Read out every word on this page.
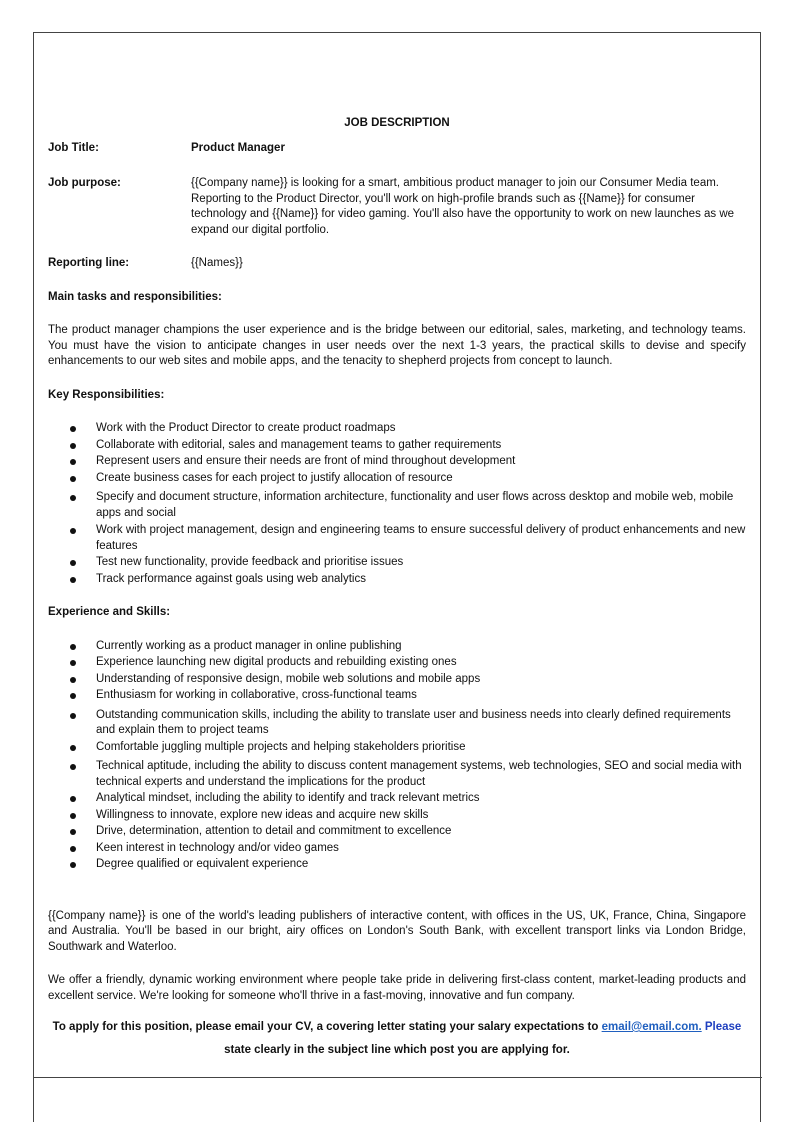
JOB DESCRIPTION
Job Title:	Product Manager
Job purpose:	{{Company name}} is looking for a smart, ambitious product manager to join our Consumer Media team. Reporting to the Product Director, you'll work on high-profile brands such as {{Name}} for consumer technology and {{Name}} for video gaming. You'll also have the opportunity to work on new launches as we expand our digital portfolio.
Reporting line:	{{Names}}
Main tasks and responsibilities:
The product manager champions the user experience and is the bridge between our editorial, sales, marketing, and technology teams. You must have the vision to anticipate changes in user needs over the next 1-3 years, the practical skills to devise and specify enhancements to our web sites and mobile apps, and the tenacity to shepherd projects from concept to launch.
Key Responsibilities:
Work with the Product Director to create product roadmaps
Collaborate with editorial, sales and management teams to gather requirements
Represent users and ensure their needs are front of mind throughout development
Create business cases for each project to justify allocation of resource
Specify and document structure, information architecture, functionality and user flows across desktop and mobile web, mobile apps and social
Work with project management, design and engineering teams to ensure successful delivery of product enhancements and new features
Test new functionality, provide feedback and prioritise issues
Track performance against goals using web analytics
Experience and Skills:
Currently working as a product manager in online publishing
Experience launching new digital products and rebuilding existing ones
Understanding of responsive design, mobile web solutions and mobile apps
Enthusiasm for working in collaborative, cross-functional teams
Outstanding communication skills, including the ability to translate user and business needs into clearly defined requirements and explain them to project teams
Comfortable juggling multiple projects and helping stakeholders prioritise
Technical aptitude, including the ability to discuss content management systems, web technologies, SEO and social media with technical experts and understand the implications for the product
Analytical mindset, including the ability to identify and track relevant metrics
Willingness to innovate, explore new ideas and acquire new skills
Drive, determination, attention to detail and commitment to excellence
Keen interest in technology and/or video games
Degree qualified or equivalent experience
{{Company name}} is one of the world's leading publishers of interactive content, with offices in the US, UK, France, China, Singapore and Australia. You'll be based in our bright, airy offices on London's South Bank, with excellent transport links via London Bridge, Southwark and Waterloo.
We offer a friendly, dynamic working environment where people take pride in delivering first-class content, market-leading products and excellent service. We're looking for someone who'll thrive in a fast-moving, innovative and fun company.
To apply for this position, please email your CV, a covering letter stating your salary expectations to email@email.com. Please state clearly in the subject line which post you are applying for.
